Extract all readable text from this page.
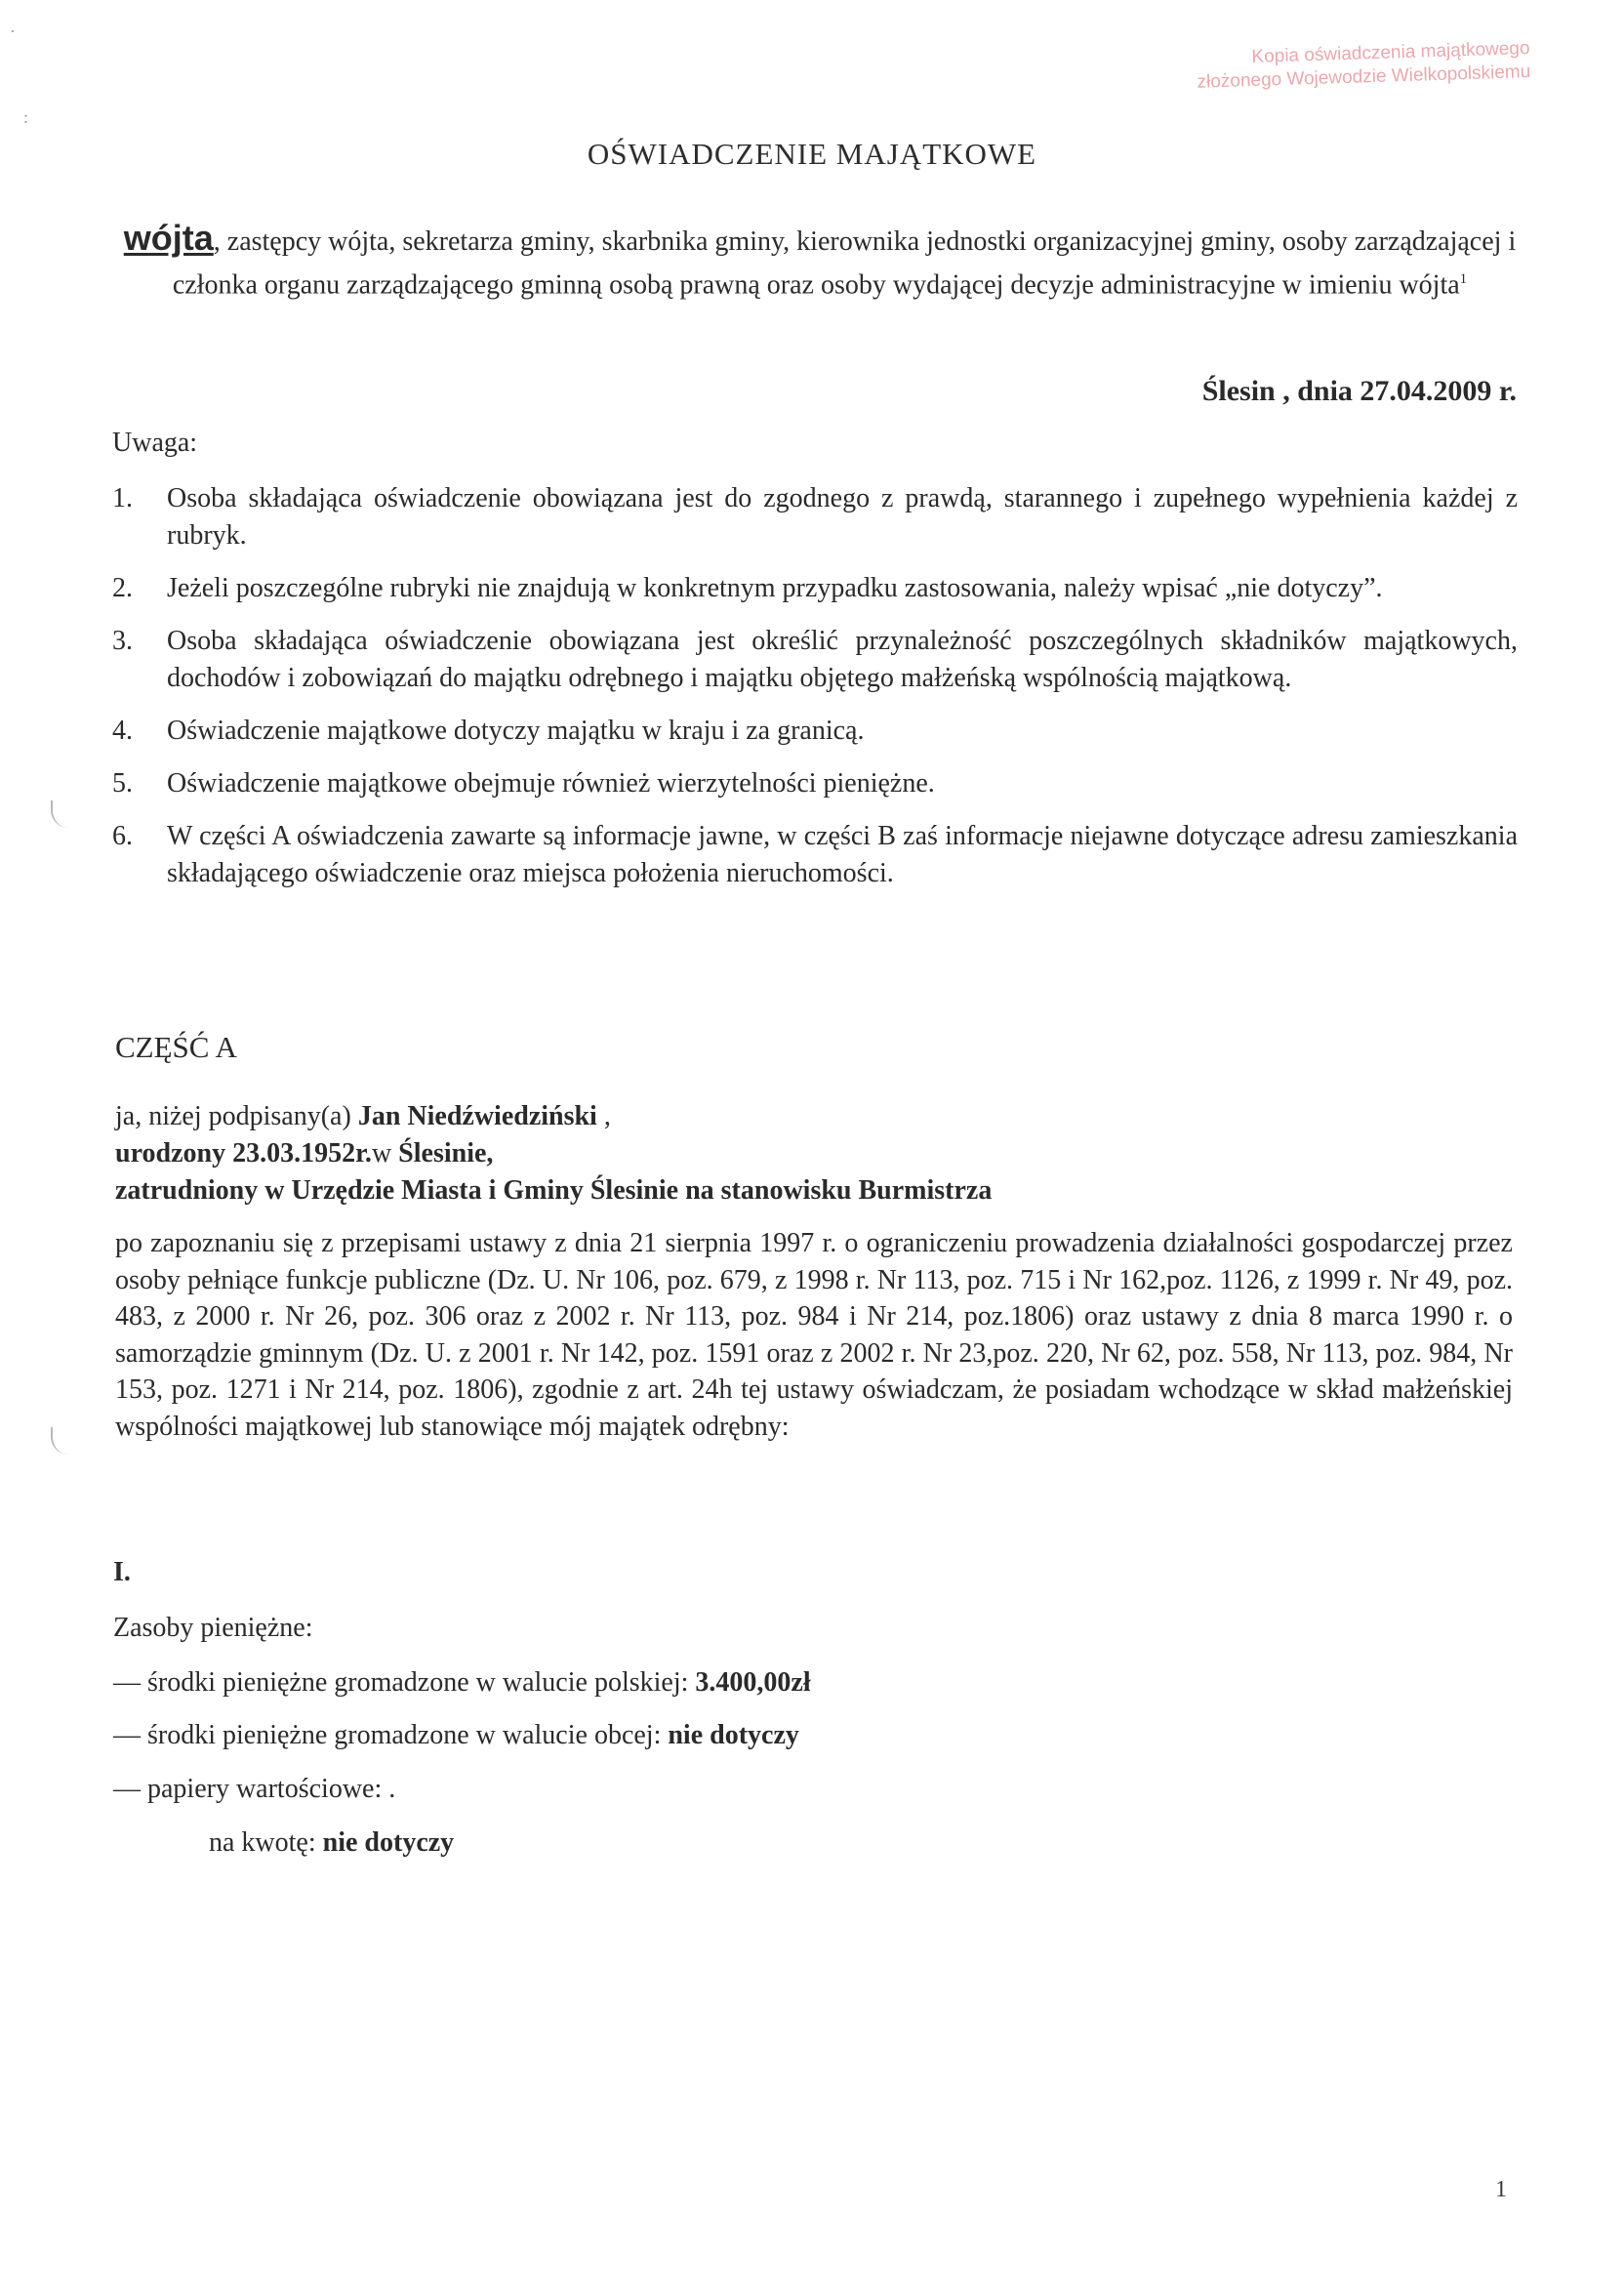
Kopia oświadczenia majątkowego
złożonego Wojewodzie Wielkopolskiemu
·
:
OŚWIADCZENIE MAJĄTKOWE
wójta, zastępcy wójta, sekretarza gminy, skarbnika gminy, kierownika jednostki organizacyjnej gminy, osoby zarządzającej i członka organu zarządzającego gminną osobą prawną oraz osoby wydającej decyzje administracyjne w imieniu wójta$^1$
Ślesin , dnia 27.04.2009 r.
Uwaga:
1.	Osoba składająca oświadczenie obowiązana jest do zgodnego z prawdą, starannego i zupełnego wypełnienia każdej z rubryk.
2.	Jeżeli poszczególne rubryki nie znajdują w konkretnym przypadku zastosowania, należy wpisać „nie dotyczy”.
3.	Osoba składająca oświadczenie obowiązana jest określić przynależność poszczególnych składników majątkowych, dochodów i zobowiązań do majątku odrębnego i majątku objętego małżeńską wspólnością majątkową.
4.	Oświadczenie majątkowe dotyczy majątku w kraju i za granicą.
5.	Oświadczenie majątkowe obejmuje również wierzytelności pieniężne.
6.	W części A oświadczenia zawarte są informacje jawne, w części B zaś informacje niejawne dotyczące adresu zamieszkania składającego oświadczenie oraz miejsca położenia nieruchomości.
CZĘŚĆ A
ja, niżej podpisany(a) Jan Niedźwiedziński ,
urodzony 23.03.1952r.w Ślesinie,
zatrudniony w Urzędzie Miasta i Gminy Ślesinie na stanowisku Burmistrza
po zapoznaniu się z przepisami ustawy z dnia 21 sierpnia 1997 r. o ograniczeniu prowadzenia działalności gospodarczej przez osoby pełniące funkcje publiczne (Dz. U. Nr 106, poz. 679, z 1998 r. Nr 113, poz. 715 i Nr 162,poz. 1126, z 1999 r. Nr 49, poz. 483, z 2000 r. Nr 26, poz. 306 oraz z 2002 r. Nr 113, poz. 984 i Nr 214, poz.1806) oraz ustawy z dnia 8 marca 1990 r. o samorządzie gminnym (Dz. U. z 2001 r. Nr 142, poz. 1591 oraz z 2002 r. Nr 23,poz. 220, Nr 62, poz. 558, Nr 113, poz. 984, Nr 153, poz. 1271 i Nr 214, poz. 1806), zgodnie z art. 24h tej ustawy oświadczam, że posiadam wchodzące w skład małżeńskiej wspólności majątkowej lub stanowiące mój majątek odrębny:
I.
Zasoby pieniężne:
— środki pieniężne gromadzone w walucie polskiej: 3.400,00zł
— środki pieniężne gromadzone w walucie obcej: nie dotyczy
— papiery wartościowe: .
na kwotę: nie dotyczy
1
